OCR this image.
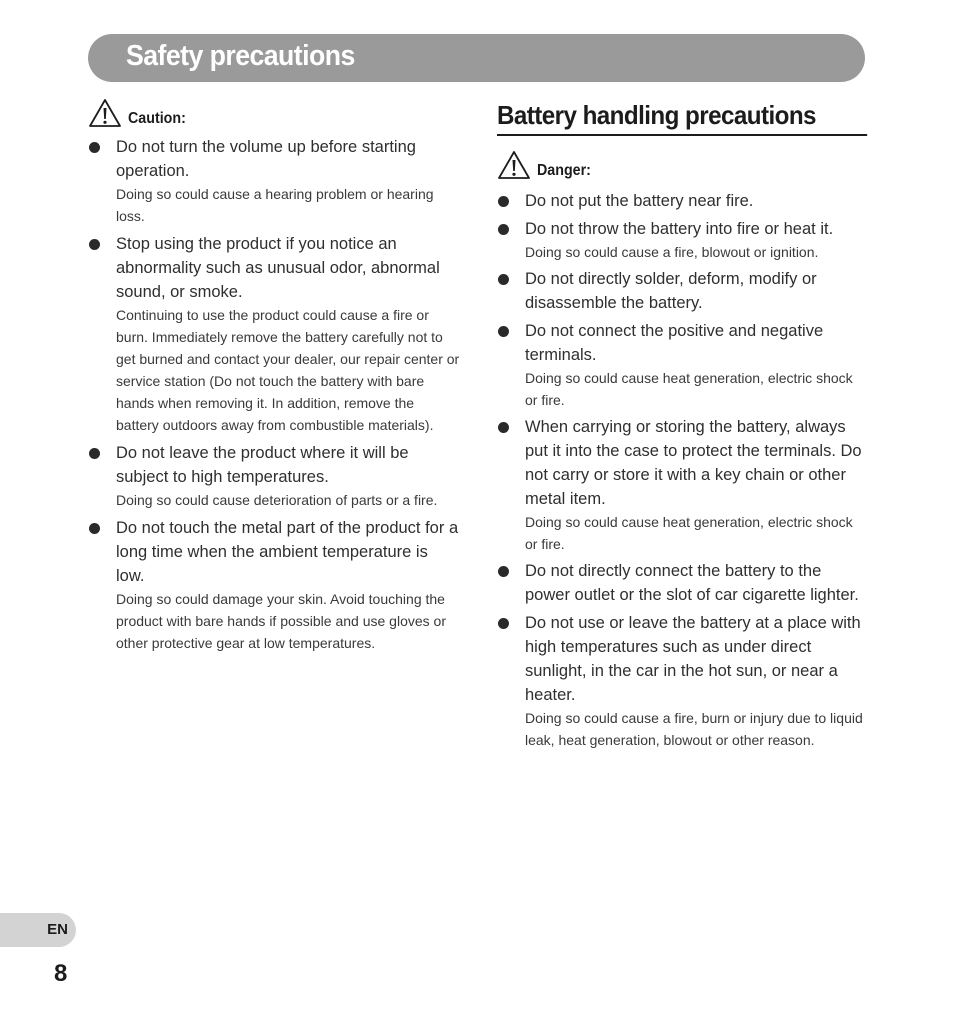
Safety precautions
Caution:
Do not turn the volume up before starting operation.
Doing so could cause a hearing problem or hearing loss.
Stop using the product if you notice an abnormality such as unusual odor, abnormal sound, or smoke.
Continuing to use the product could cause a fire or burn. Immediately remove the battery carefully not to get burned and contact your dealer, our repair center or service station (Do not touch the battery with bare hands when removing it. In addition, remove the battery outdoors away from combustible materials).
Do not leave the product where it will be subject to high temperatures.
Doing so could cause deterioration of parts or a fire.
Do not touch the metal part of the product for a long time when the ambient temperature is low.
Doing so could damage your skin. Avoid touching the product with bare hands if possible and use gloves or other protective gear at low temperatures.
Battery handling precautions
Danger:
Do not put the battery near fire.
Do not throw the battery into fire or heat it.
Doing so could cause a fire, blowout or ignition.
Do not directly solder, deform, modify or disassemble the battery.
Do not connect the positive and negative terminals.
Doing so could cause heat generation, electric shock or fire.
When carrying or storing the battery, always put it into the case to protect the terminals. Do not carry or store it with a key chain or other metal item.
Doing so could cause heat generation, electric shock or fire.
Do not directly connect the battery to the power outlet or the slot of car cigarette lighter.
Do not use or leave the battery at a place with high temperatures such as under direct sunlight, in the car in the hot sun, or near a heater.
Doing so could cause a fire, burn or injury due to liquid leak, heat generation, blowout or other reason.
EN
8
